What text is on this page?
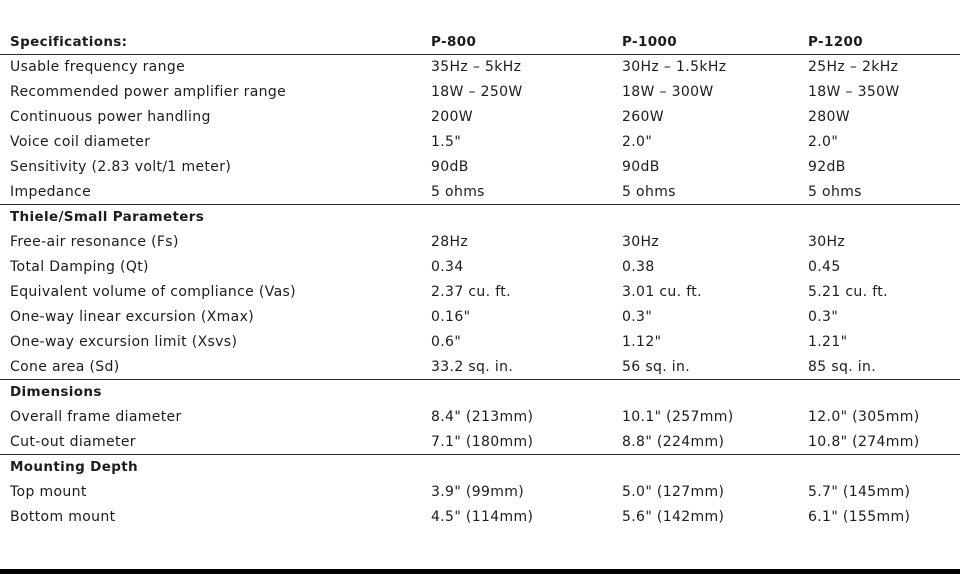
Specifications:	P-800	P-1000	P-1200
Usable frequency range	35Hz – 5kHz	30Hz – 1.5kHz	25Hz – 2kHz
Recommended power amplifier range	18W – 250W	18W – 300W	18W – 350W
Continuous power handling	200W	260W	280W
Voice coil diameter	1.5"	2.0"	2.0"
Sensitivity (2.83 volt/1 meter)	90dB	90dB	92dB
Impedance	5 ohms	5 ohms	5 ohms
Thiele/Small Parameters
Free-air resonance (Fs)	28Hz	30Hz	30Hz
Total Damping (Qt)	0.34	0.38	0.45
Equivalent volume of compliance (Vas)	2.37 cu. ft.	3.01 cu. ft.	5.21 cu. ft.
One-way linear excursion (Xmax)	0.16"	0.3"	0.3"
One-way excursion limit (Xsvs)	0.6"	1.12"	1.21"
Cone area (Sd)	33.2 sq. in.	56 sq. in.	85 sq. in.
Dimensions
Overall frame diameter	8.4" (213mm)	10.1" (257mm)	12.0" (305mm)
Cut-out diameter	7.1" (180mm)	8.8" (224mm)	10.8" (274mm)
Mounting Depth
Top mount	3.9" (99mm)	5.0" (127mm)	5.7" (145mm)
Bottom mount	4.5" (114mm)	5.6" (142mm)	6.1" (155mm)
